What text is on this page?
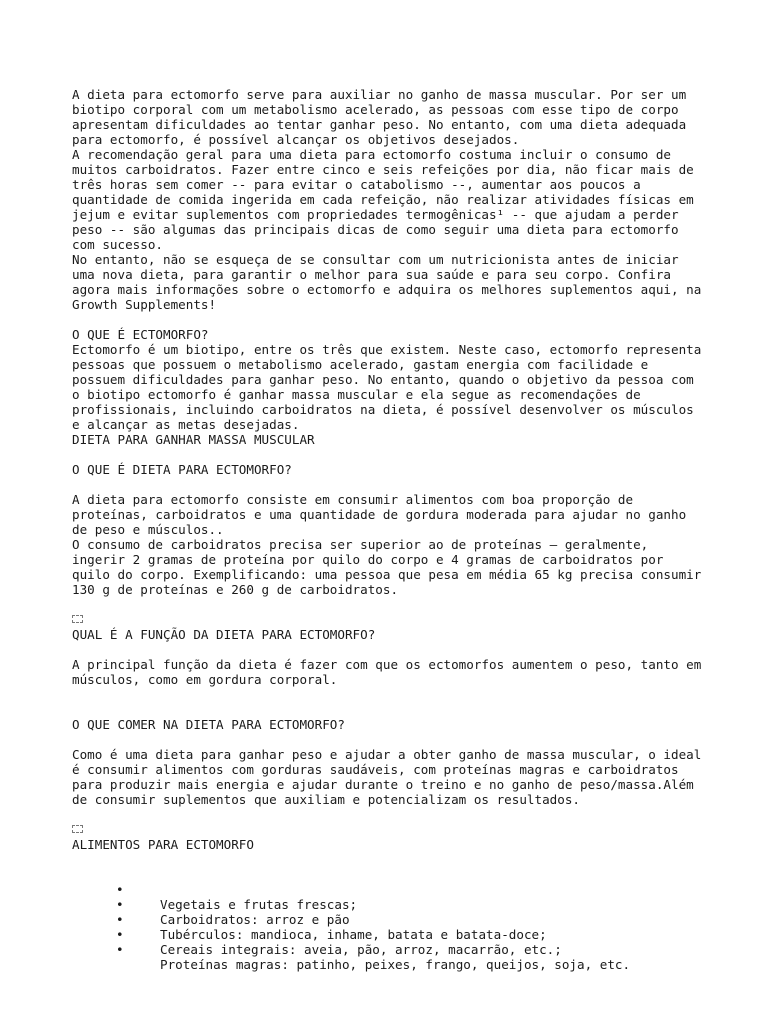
A dieta para ectomorfo serve para auxiliar no ganho de massa muscular. Por ser um
biotipo corporal com um metabolismo acelerado, as pessoas com esse tipo de corpo
apresentam dificuldades ao tentar ganhar peso. No entanto, com uma dieta adequada
para ectomorfo, é possível alcançar os objetivos desejados.
A recomendação geral para uma dieta para ectomorfo costuma incluir o consumo de
muitos carboidratos. Fazer entre cinco e seis refeições por dia, não ficar mais de
três horas sem comer -- para evitar o catabolismo --, aumentar aos poucos a
quantidade de comida ingerida em cada refeição, não realizar atividades físicas em
jejum e evitar suplementos com propriedades termogênicas¹ -- que ajudam a perder
peso -- são algumas das principais dicas de como seguir uma dieta para ectomorfo
com sucesso.
No entanto, não se esqueça de se consultar com um nutricionista antes de iniciar
uma nova dieta, para garantir o melhor para sua saúde e para seu corpo. Confira
agora mais informações sobre o ectomorfo e adquira os melhores suplementos aqui, na
Growth Supplements!
O QUE É ECTOMORFO?
Ectomorfo é um biotipo, entre os três que existem. Neste caso, ectomorfo representa
pessoas que possuem o metabolismo acelerado, gastam energia com facilidade e
possuem dificuldades para ganhar peso. No entanto, quando o objetivo da pessoa com
o biotipo ectomorfo é ganhar massa muscular e ela segue as recomendações de
profissionais, incluindo carboidratos na dieta, é possível desenvolver os músculos
e alcançar as metas desejadas.
DIETA PARA GANHAR MASSA MUSCULAR
O QUE É DIETA PARA ECTOMORFO?
A dieta para ectomorfo consiste em consumir alimentos com boa proporção de
proteínas, carboidratos e uma quantidade de gordura moderada para ajudar no ganho
de peso e músculos..
O consumo de carboidratos precisa ser superior ao de proteínas – geralmente,
ingerir 2 gramas de proteína por quilo do corpo e 4 gramas de carboidratos por
quilo do corpo. Exemplificando: uma pessoa que pesa em média 65 kg precisa consumir
130 g de proteínas e 260 g de carboidratos.
QUAL É A FUNÇÃO DA DIETA PARA ECTOMORFO?
A principal função da dieta é fazer com que os ectomorfos aumentem o peso, tanto em
músculos, como em gordura corporal.
O QUE COMER NA DIETA PARA ECTOMORFO?
Como é uma dieta para ganhar peso e ajudar a obter ganho de massa muscular, o ideal
é consumir alimentos com gorduras saudáveis, com proteínas magras e carboidratos
para produzir mais energia e ajudar durante o treino e no ganho de peso/massa.Além
de consumir suplementos que auxiliam e potencializam os resultados.
ALIMENTOS PARA ECTOMORFO

•

Vegetais e frutas frescas;

•

Carboidratos: arroz e pão

•

Tubérculos: mandioca, inhame, batata e batata-doce;

•

Cereais integrais: aveia, pão, arroz, macarrão, etc.;

•

Proteínas magras: patinho, peixes, frango, queijos, soja, etc.
